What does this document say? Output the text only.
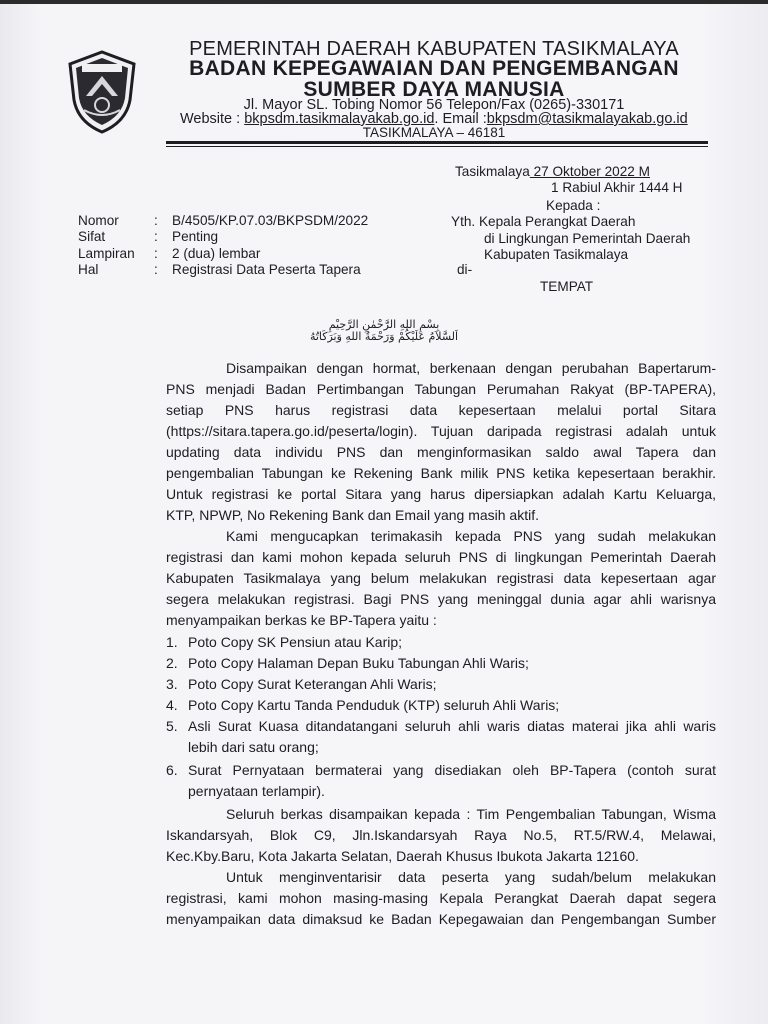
PEMERINTAH DAERAH KABUPATEN TASIKMALAYA
BADAN KEPEGAWAIAN DAN PENGEMBANGAN
SUMBER DAYA MANUSIA
Jl. Mayor SL. Tobing Nomor 56 Telepon/Fax (0265)-330171
Website : bkpsdm.tasikmalayakab.go.id. Email :bkpsdm@tasikmalayakab.go.id
TASIKMALAYA – 46181
Tasikmalaya 27 Oktober 2022 M
1 Rabiul Akhir 1444 H
Kepada :
Yth. Kepala Perangkat Daerah
di Lingkungan Pemerintah Daerah
Kabupaten Tasikmalaya
di-
TEMPAT
Nomor	: B/4505/KP.07.03/BKPSDM/2022
Sifat	: Penting
Lampiran : 2 (dua) lembar
Hal	: Registrasi Data Peserta Tapera
بِسْمِ اللهِ الرَّحْمٰنِ الرَّحِيْمِ
اَلسَّلاَمُ عَلَيْكُمْ وَرَحْمَةُ اللهِ وَبَرَكَاتُهُ
Disampaikan dengan hormat, berkenaan dengan perubahan Bapertarum-
PNS menjadi Badan Pertimbangan Tabungan Perumahan Rakyat (BP-TAPERA),
setiap PNS harus registrasi data kepesertaan melalui portal Sitara
(https://sitara.tapera.go.id/peserta/login). Tujuan daripada registrasi adalah untuk
updating data individu PNS dan menginformasikan saldo awal Tapera dan
pengembalian Tabungan ke Rekening Bank milik PNS ketika kepesertaan berakhir.
Untuk registrasi ke portal Sitara yang harus dipersiapkan adalah Kartu Keluarga,
KTP, NPWP, No Rekening Bank dan Email yang masih aktif.
Kami mengucapkan terimakasih kepada PNS yang sudah melakukan
registrasi dan kami mohon kepada seluruh PNS di lingkungan Pemerintah Daerah
Kabupaten Tasikmalaya yang belum melakukan registrasi data kepesertaan agar
segera melakukan registrasi. Bagi PNS yang meninggal dunia agar ahli warisnya
menyampaikan berkas ke BP-Tapera yaitu :
1. Poto Copy SK Pensiun atau Karip;
2. Poto Copy Halaman Depan Buku Tabungan Ahli Waris;
3. Poto Copy Surat Keterangan Ahli Waris;
4. Poto Copy Kartu Tanda Penduduk (KTP) seluruh Ahli Waris;
5. Asli Surat Kuasa ditandatangani seluruh ahli waris diatas materai jika ahli waris
lebih dari satu orang;
6. Surat Pernyataan bermaterai yang disediakan oleh BP-Tapera (contoh surat
pernyataan terlampir).
Seluruh berkas disampaikan kepada : Tim Pengembalian Tabungan, Wisma
Iskandarsyah, Blok C9, Jln.Iskandarsyah Raya No.5, RT.5/RW.4, Melawai,
Kec.Kby.Baru, Kota Jakarta Selatan, Daerah Khusus Ibukota Jakarta 12160.
Untuk menginventarisir data peserta yang sudah/belum melakukan
registrasi, kami mohon masing-masing Kepala Perangkat Daerah dapat segera
menyampaikan data dimaksud ke Badan Kepegawaian dan Pengembangan Sumber
